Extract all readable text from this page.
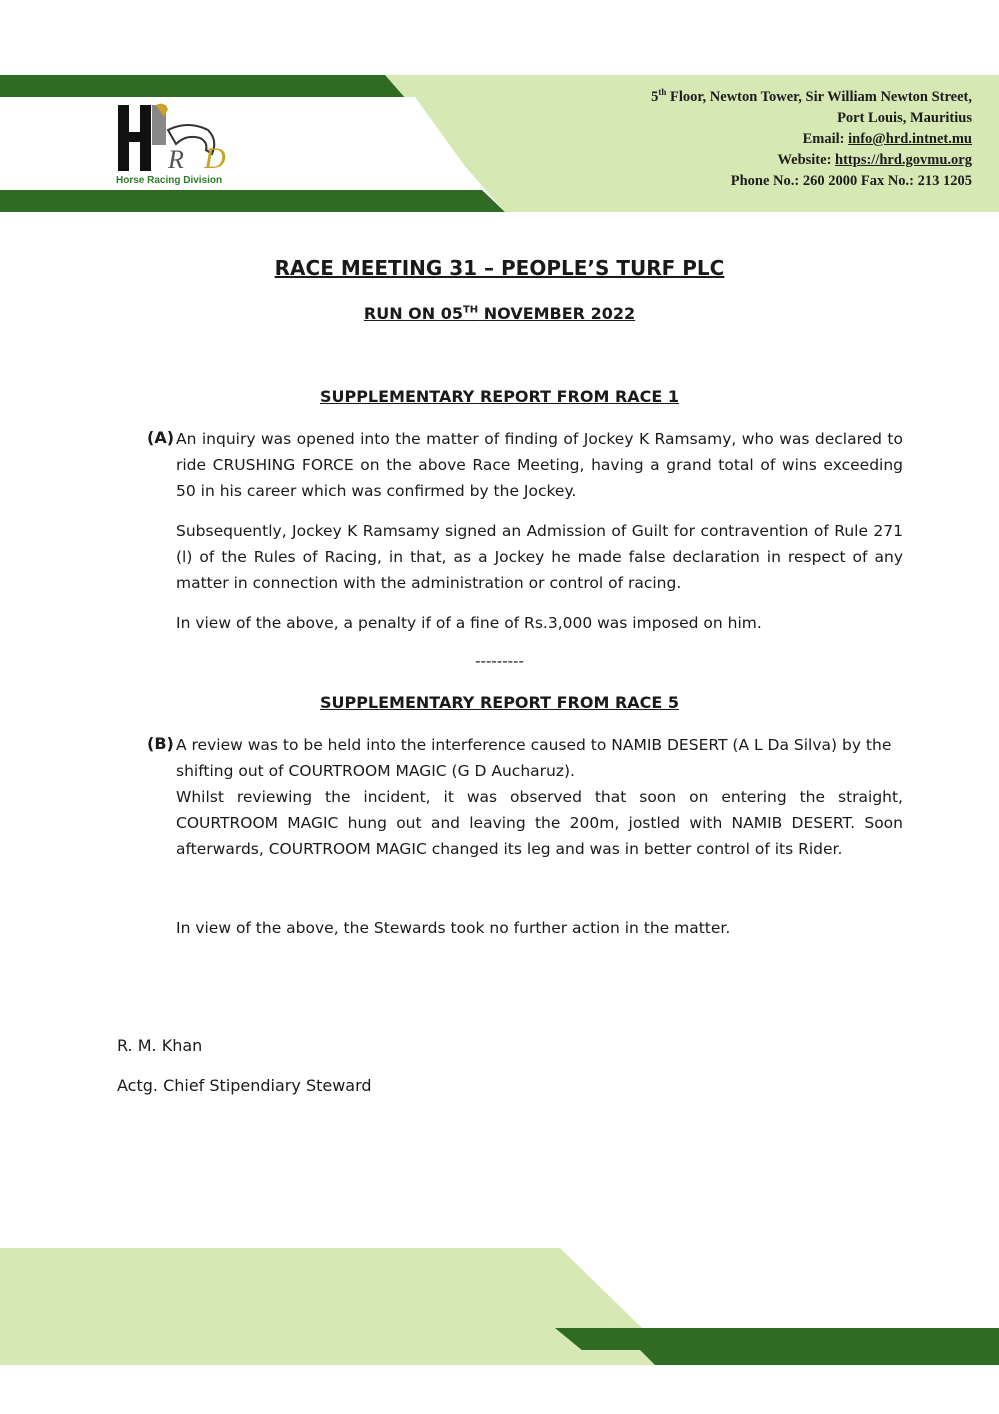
R D
Horse Racing Division
5th Floor, Newton Tower, Sir William Newton Street,
Port Louis, Mauritius
Email: info@hrd.intnet.mu
Website: https://hrd.govmu.org
Phone No.: 260 2000 Fax No.: 213 1205
RACE MEETING 31 – PEOPLE’S TURF PLC
RUN ON 05TH NOVEMBER 2022
SUPPLEMENTARY REPORT FROM RACE 1
(A) An inquiry was opened into the matter of finding of Jockey K Ramsamy, who was declared to ride CRUSHING FORCE on the above Race Meeting, having a grand total of wins exceeding 50 in his career which was confirmed by the Jockey.

Subsequently, Jockey K Ramsamy signed an Admission of Guilt for contravention of Rule 271 (l) of the Rules of Racing, in that, as a Jockey he made false declaration in respect of any matter in connection with the administration or control of racing.

In view of the above, a penalty if of a fine of Rs.3,000 was imposed on him.

---------
SUPPLEMENTARY REPORT FROM RACE 5
(B) A review was to be held into the interference caused to NAMIB DESERT (A L Da Silva) by the shifting out of COURTROOM MAGIC (G D Aucharuz).

Whilst reviewing the incident, it was observed that soon on entering the straight, COURTROOM MAGIC hung out and leaving the 200m, jostled with NAMIB DESERT. Soon afterwards, COURTROOM MAGIC changed its leg and was in better control of its Rider.

In view of the above, the Stewards took no further action in the matter.

R. M. Khan
Actg. Chief Stipendiary Steward
